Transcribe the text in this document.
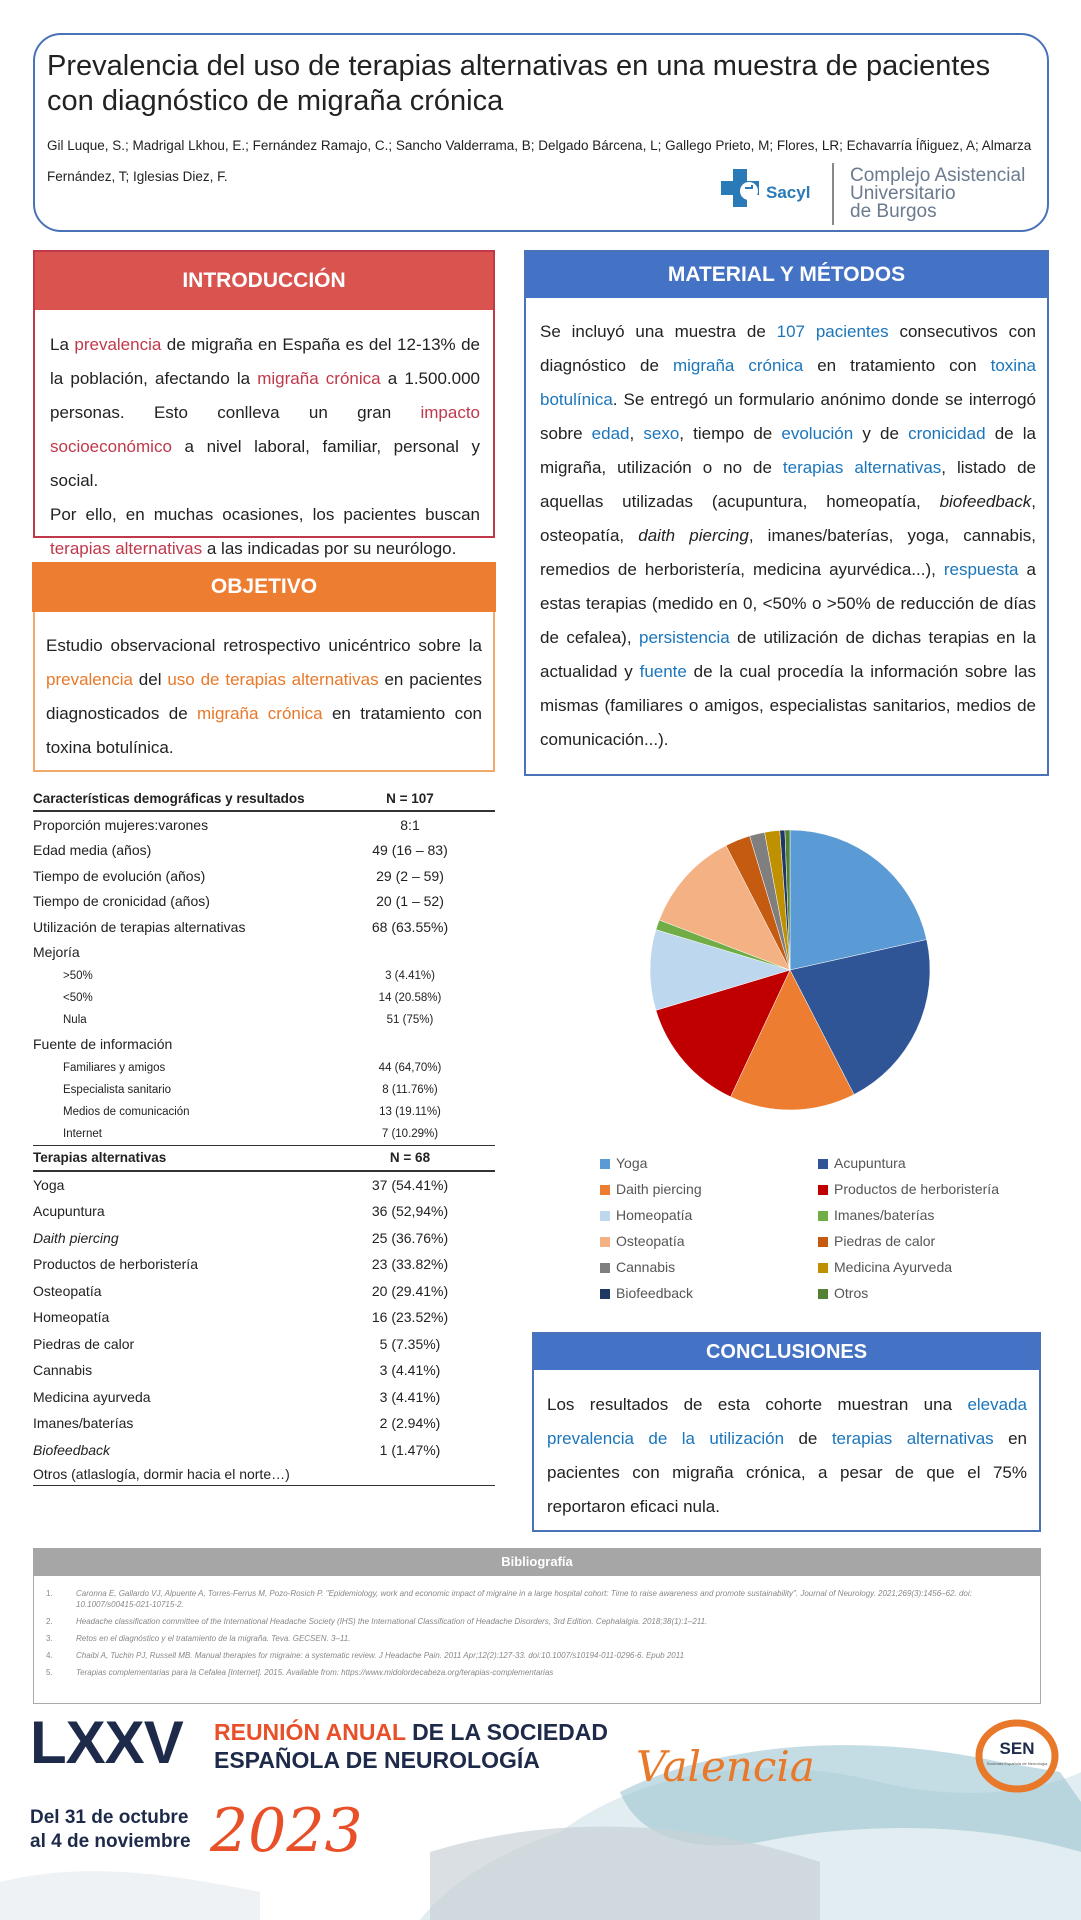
Prevalencia del uso de terapias alternativas en una muestra de pacientes con diagnóstico de migraña crónica
Gil Luque, S.; Madrigal Lkhou, E.; Fernández Ramajo, C.; Sancho Valderrama, B; Delgado Bárcena, L; Gallego Prieto, M; Flores, LR; Echavarría Íñiguez, A; Almarza Fernández, T; Iglesias Diez, F.
Sacyl
Complejo Asistencial
Universitario
de Burgos
INTRODUCCIÓN
La prevalencia de migraña en España es del 12-13% de la población, afectando la migraña crónica a 1.500.000 personas. Esto conlleva un gran impacto socioeconómico a nivel laboral, familiar, personal y social.
Por ello, en muchas ocasiones, los pacientes buscan terapias alternativas a las indicadas por su neurólogo.
OBJETIVO
Estudio observacional retrospectivo unicéntrico sobre la prevalencia del uso de terapias alternativas en pacientes diagnosticados de migraña crónica en tratamiento con toxina botulínica.
MATERIAL Y MÉTODOS
Se incluyó una muestra de 107 pacientes consecutivos con diagnóstico de migraña crónica en tratamiento con toxina botulínica. Se entregó un formulario anónimo donde se interrogó sobre edad, sexo, tiempo de evolución y de cronicidad de la migraña, utilización o no de terapias alternativas, listado de aquellas utilizadas (acupuntura, homeopatía, biofeedback, osteopatía, daith piercing, imanes/baterías, yoga, cannabis, remedios de herboristería, medicina ayurvédica...), respuesta a estas terapias (medido en 0, <50% o >50% de reducción de días de cefalea), persistencia de utilización de dichas terapias en la actualidad y fuente de la cual procedía la información sobre las mismas (familiares o amigos, especialistas sanitarios, medios de comunicación...).
Características demográficas y resultados	N = 107
Proporción mujeres:varones	8:1
Edad media (años)	49 (16 – 83)
Tiempo de evolución (años)	29 (2 – 59)
Tiempo de cronicidad (años)	20 (1 – 52)
Utilización de terapias alternativas	68 (63.55%)
Mejoría	
>50%	3 (4.41%)
<50%	14 (20.58%)
Nula	51 (75%)
Fuente de información	
Familiares y amigos	44 (64,70%)
Especialista sanitario	8 (11.76%)
Medios de comunicación	13 (19.11%)
Internet	7 (10.29%)
Terapias alternativas	N = 68
Yoga	37 (54.41%)
Acupuntura	36 (52,94%)
Daith piercing	25 (36.76%)
Productos de herboristería	23 (33.82%)
Osteopatía	20 (29.41%)
Homeopatía	16 (23.52%)
Piedras de calor	5 (7.35%)
Cannabis	3 (4.41%)
Medicina ayurveda	3 (4.41%)
Imanes/baterías	2 (2.94%)
Biofeedback	1 (1.47%)
Otros (atlaslogía, dormir hacia el norte…)	
Yoga	AcupunturaDaith piercing	Productos de herboristeríaHomeopatía	Imanes/bateríasOsteopatía	Piedras de calorCannabis	Medicina AyurvedaBiofeedback	Otros
CONCLUSIONES
Los resultados de esta cohorte muestran una elevada prevalencia de la utilización de terapias alternativas en pacientes con migraña crónica, a pesar de que el 75% reportaron eficaci nula.
Bibliografía
1.	Caronna E, Gallardo VJ, Alpuente A, Torres-Ferrus M, Pozo-Rosich P. "Epidemiology, work and economic impact of migraine in a large hospital cohort: Time to raise awareness and promote sustainability". Journal of Neurology. 2021;269(3):1456–62. doi: 10.1007/s00415-021-10715-2.
2.	Headache classification committee of the International Headache Society (IHS) the International Classification of Headache Disorders, 3rd Edition. Cephalalgia. 2018;38(1):1–211.
3.	Retos en el diagnóstico y el tratamiento de la migraña. Teva. GECSEN. 3–11.
4.	Chaibi A, Tuchin PJ, Russell MB. Manual therapies for migraine: a systematic review. J Headache Pain. 2011 Apr;12(2):127-33. doi:10.1007/s10194-011-0296-6. Epub 2011
5.	Terapias complementarias para la Cefalea [Internet]. 2015. Available from: https://www.midolordecabeza.org/terapias-complementarias
LXXV REUNIÓN ANUAL DE LA SOCIEDAD
ESPAÑOLA DE NEUROLOGÍA	Valencia
Del 31 de octubre
al 4 de noviembre 2023
SEN
Sociedad Española de Neurología
